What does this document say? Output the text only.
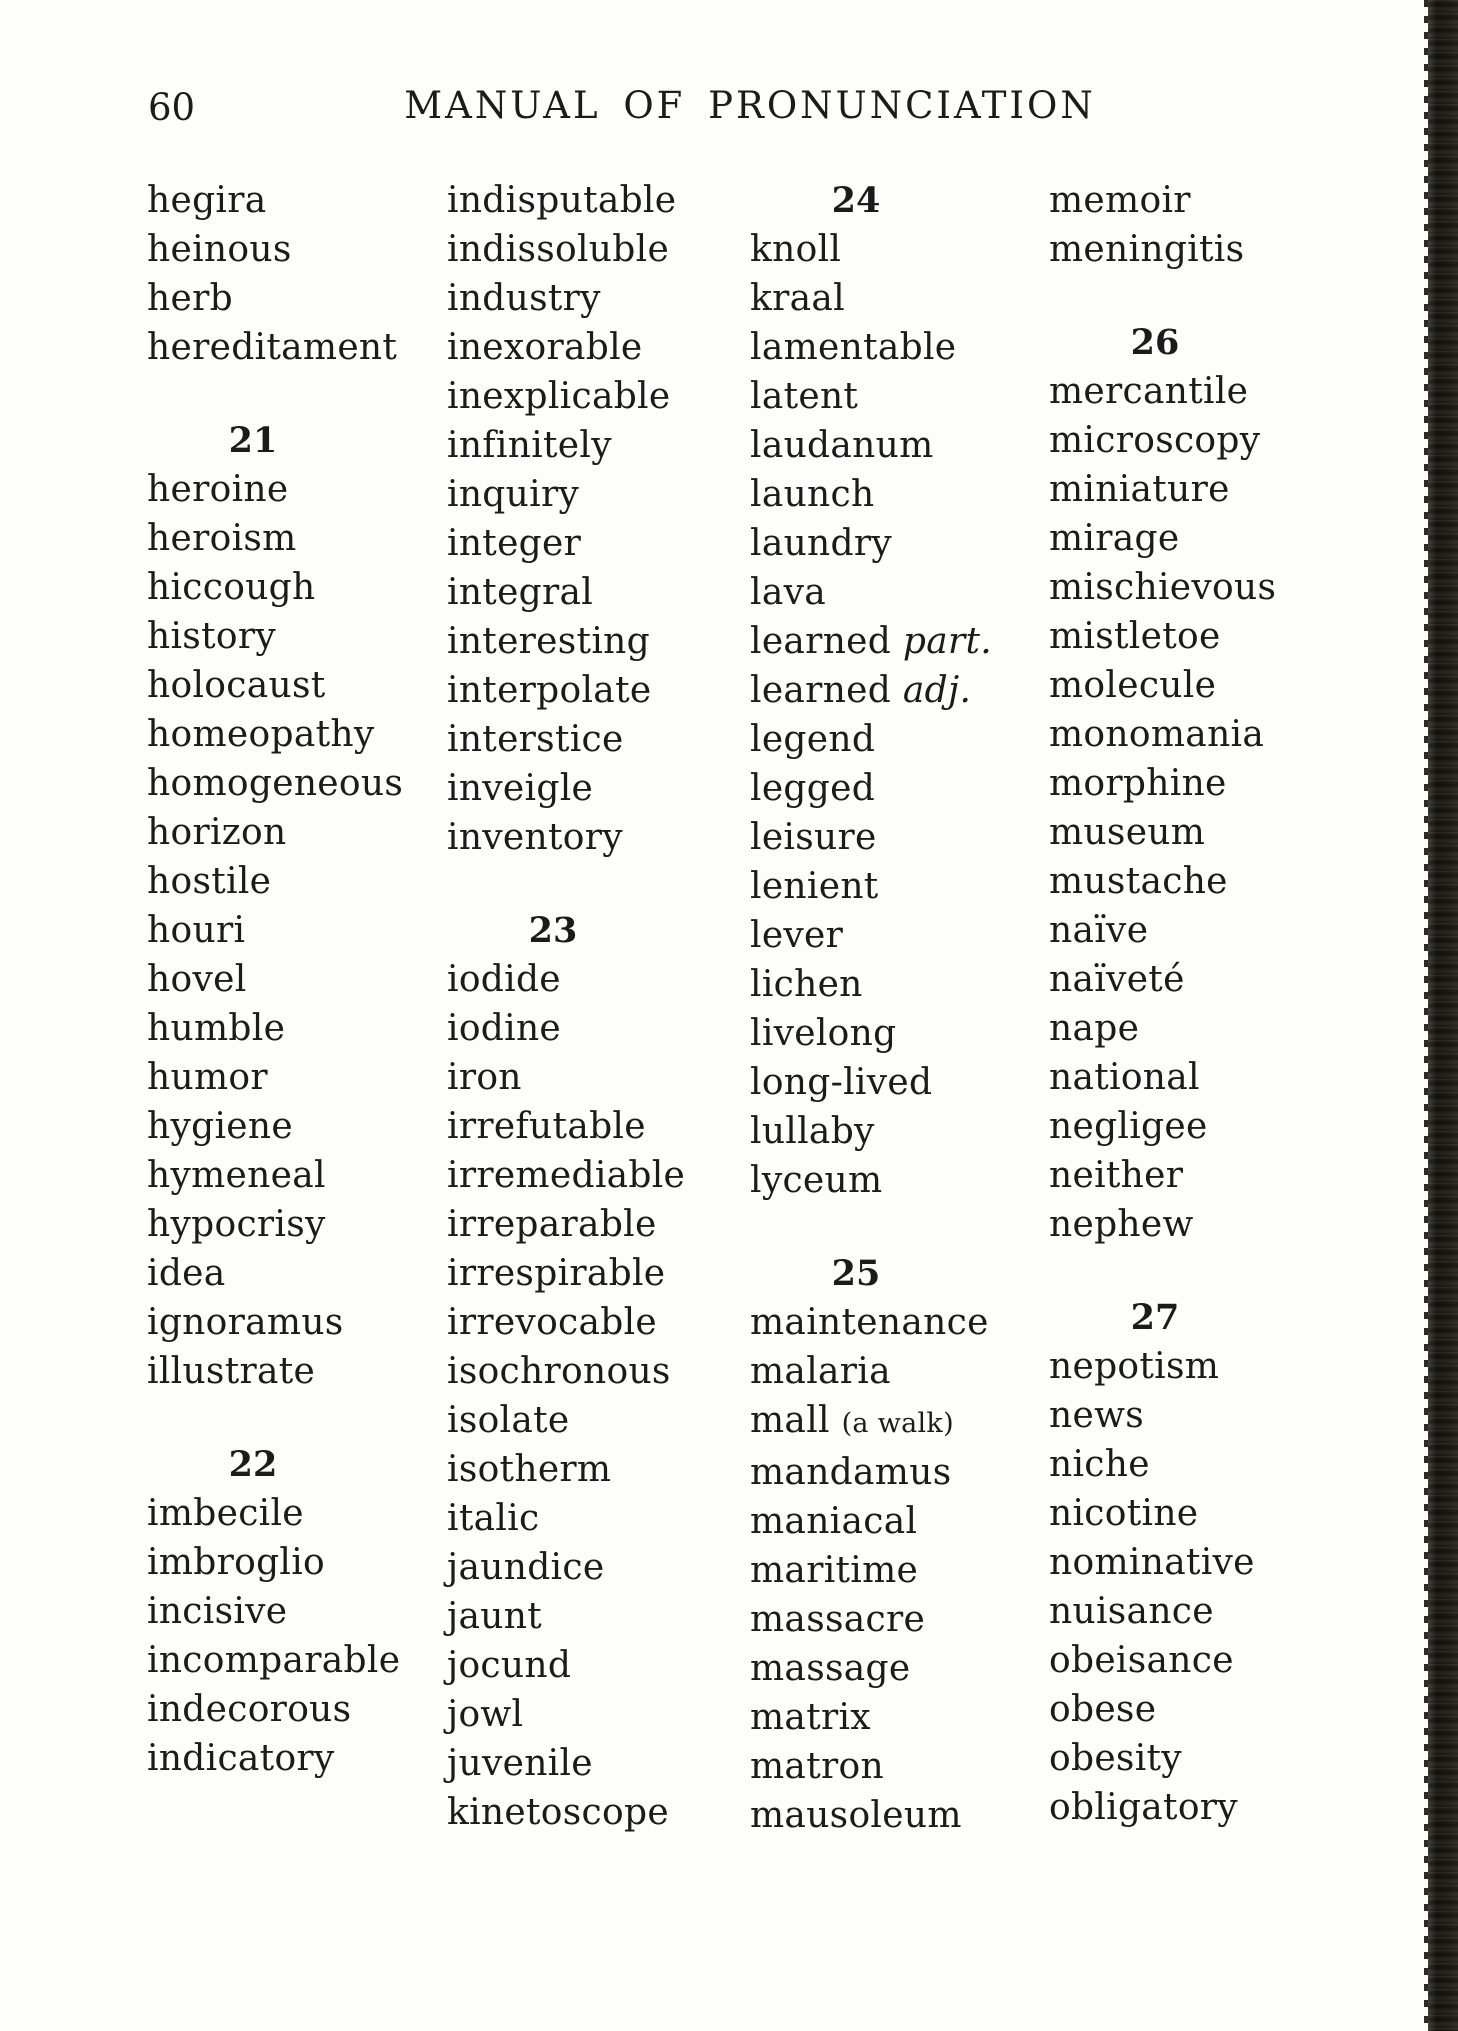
60	MANUAL OF PRONUNCIATION
hegira
heinous
herb
hereditament
21
heroine
heroism
hiccough
history
holocaust
homeopathy
homogeneous
horizon
hostile
houri
hovel
humble
humor
hygiene
hymeneal
hypocrisy
idea
ignoramus
illustrate
22
imbecile
imbroglio
incisive
incomparable
indecorous
indicatory
indisputable
indissoluble
industry
inexorable
inexplicable
infinitely
inquiry
integer
integral
interesting
interpolate
interstice
inveigle
inventory
23
iodide
iodine
iron
irrefutable
irremediable
irreparable
irrespirable
irrevocable
isochronous
isolate
isotherm
italic
jaundice
jaunt
jocund
jowl
juvenile
kinetoscope
24
knoll
kraal
lamentable
latent
laudanum
launch
laundry
lava
learned part.
learned adj.
legend
legged
leisure
lenient
lever
lichen
livelong
long-lived
lullaby
lyceum
25
maintenance
malaria
mall (a walk)
mandamus
maniacal
maritime
massacre
massage
matrix
matron
mausoleum
memoir
meningitis
26
mercantile
microscopy
miniature
mirage
mischievous
mistletoe
molecule
monomania
morphine
museum
mustache
naïve
naïveté
nape
national
negligee
neither
nephew
27
nepotism
news
niche
nicotine
nominative
nuisance
obeisance
obese
obesity
obligatory
